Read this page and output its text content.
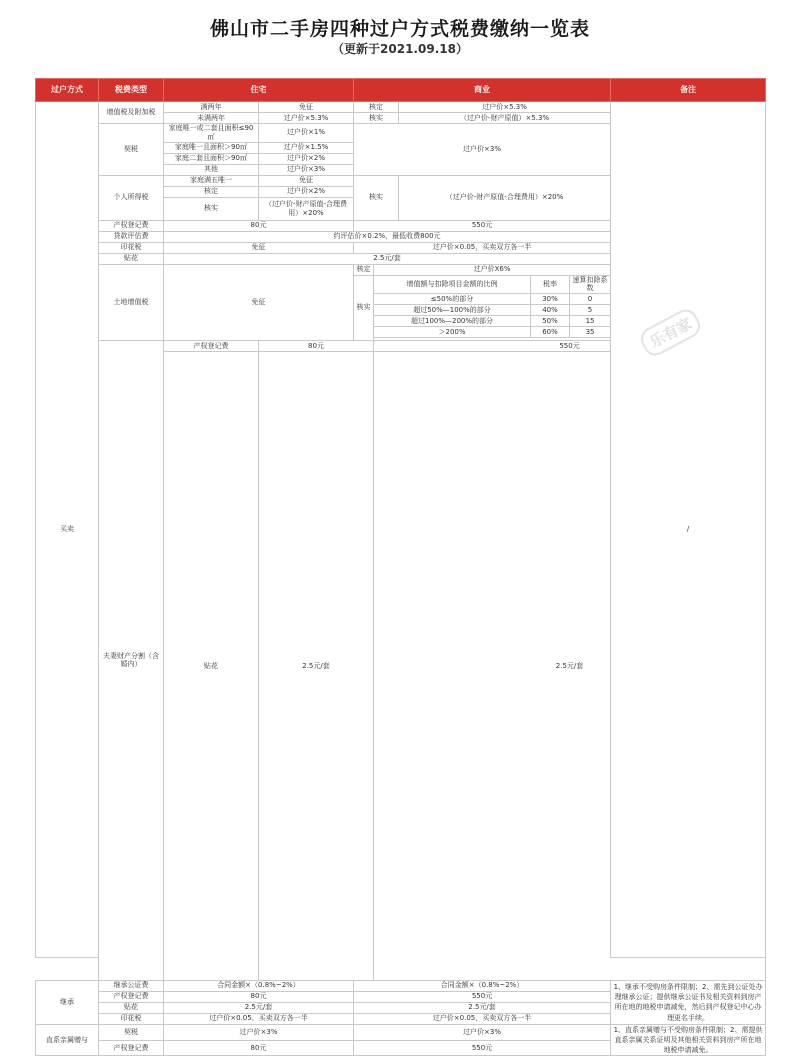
佛山市二手房四种过户方式税费缴纳一览表
（更新于2021.09.18）
过户方式	税费类型	住宅		商业					备注	
买卖	增值税及附加税	满两年	免征	核定		过户价×5.3%			/	
		未满两年	过户价×5.3%	核实		（过户价-财产原值）×5.3%				
	契税	家庭唯一或二套且面积≤90㎡	过户价×1%	过户价×3%						
		家庭唯一且面积＞90㎡	过户价×1.5%							
		家庭二套且面积＞90㎡	过户价×2%							
		其他	过户价×3%							
	个人所得税	家庭满五唯一	免征	核实		（过户价-财产原值-合理费用）×20%				
		核定	过户价×2%							
		核实	（过户价-财产原值-合理费用）×20%							
	产权登记费	80元		550元						
	贷款评估费	约评估价×0.2%，最低收费800元								
	印花税	免征		过户价×0.05，买卖双方各一半						
	贴花	2.5元/套								
	土地增值税	免征		核定	过户价X6%					
				核实	增值额与扣除项目金额的比例		税率	速算扣除系数		
					≤50%的部分		30%	0		
					超过50%—100%的部分		40%	5		
					超过100%—200%的部分		50%	15		
					＞200%		60%	35		

	夫妻财产分割（含婚内）	产权登记费	80元		550元	
		贴花	2.5元/套		2.5元/套					

继承	继承公证费	合同金额×（0.8%~2%）		合同金额×（0.8%~2%）					1、继承不受购房条件限制；2、需先到公证处办理继承公证；提供继承公证书及相关资料到房产所在地的地税申请减免，然后到产权登记中心办理更名手续。	
	产权登记费	80元		550元						
	贴花	2.5元/套		2.5元/套						
	印花税	过户价×0.05，买卖双方各一半		过户价×0.05，买卖双方各一半						
直系亲属赠与	契税	过户价×3%		过户价×3%					1、直系亲属赠与不受购房条件限制；2、需提供直系亲属关系证明及其他相关资料到房产所在地地税申请减免。	
	产权登记费	80元		550元						
乐有家
